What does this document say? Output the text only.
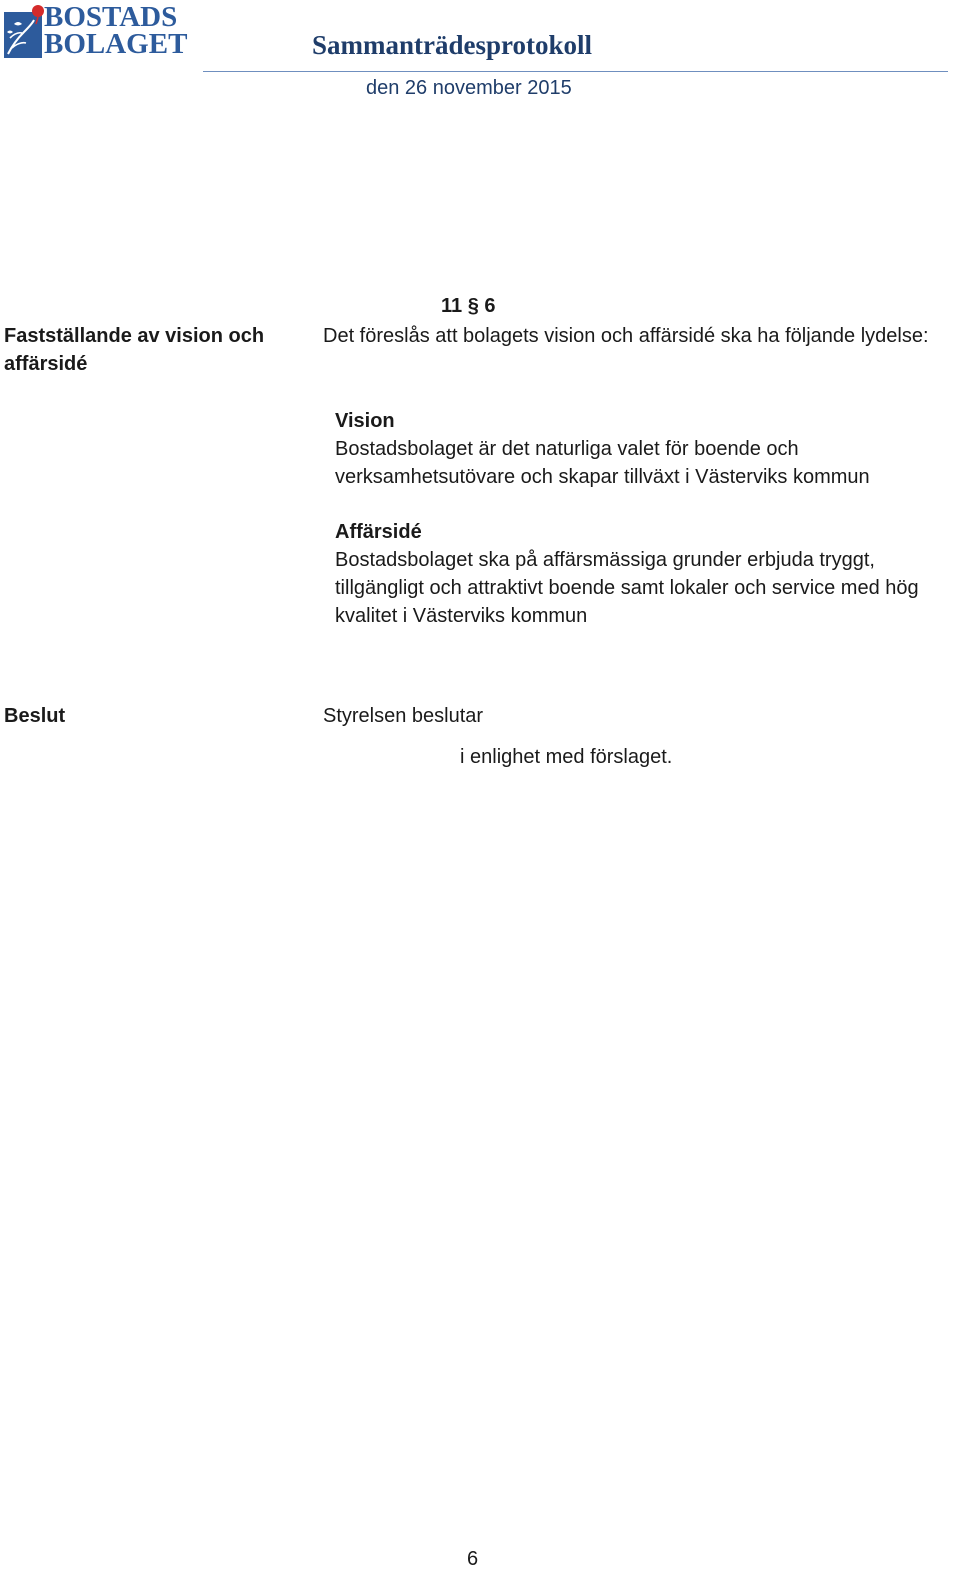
BOSTADS
BOLAGET	Sammanträdesprotokoll
den 26 november 2015
11 § 6
Fastställande av vision och affärsidé
Det föreslås att bolagets vision och affärsidé ska ha följande lydelse:
Vision
Bostadsbolaget är det naturliga valet för boende och verksamhetsutövare och skapar tillväxt i Västerviks kommun
Affärsidé
Bostadsbolaget ska på affärsmässiga grunder erbjuda tryggt, tillgängligt och attraktivt boende samt lokaler och service med hög kvalitet i Västerviks kommun
Beslut	Styrelsen beslutar
i enlighet med förslaget.
6
